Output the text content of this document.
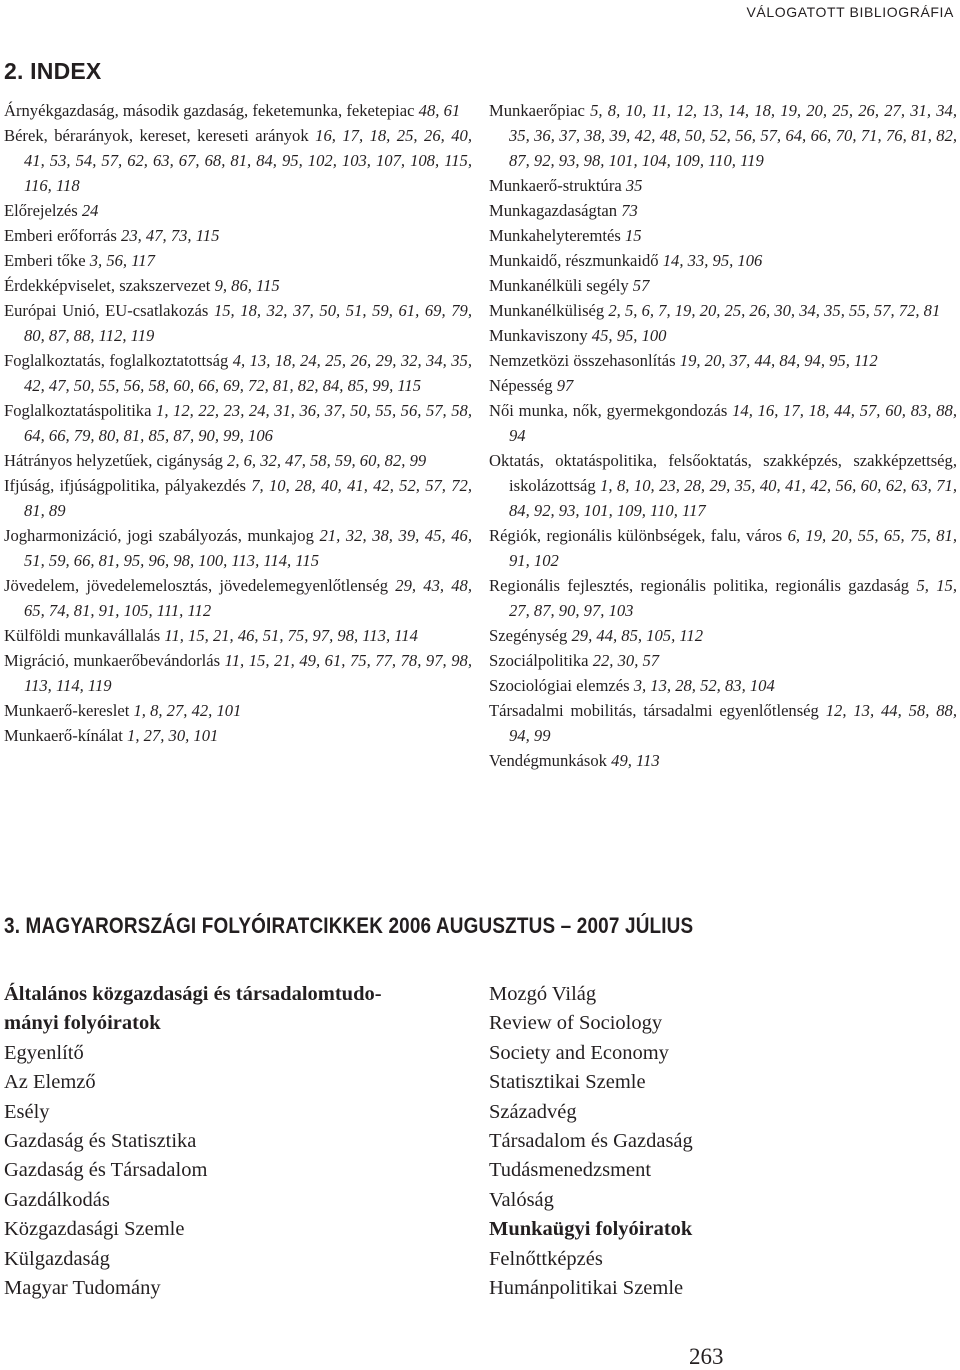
VÁLOGATOTT BIBLIOGRÁFIA
2. INDEX
Árnyékgazdaság, második gazdaság, feketemunka, feketepiac 48, 61
Bérek, bérarányok, kereset, kereseti arányok 16, 17, 18, 25, 26, 40, 41, 53, 54, 57, 62, 63, 67, 68, 81, 84, 95, 102, 103, 107, 108, 115, 116, 118
Előrejelzés 24
Emberi erőforrás 23, 47, 73, 115
Emberi tőke 3, 56, 117
Érdekképviselet, szakszervezet 9, 86, 115
Európai Unió, EU-csatlakozás 15, 18, 32, 37, 50, 51, 59, 61, 69, 79, 80, 87, 88, 112, 119
Foglalkoztatás, foglalkoztatottság 4, 13, 18, 24, 25, 26, 29, 32, 34, 35, 42, 47, 50, 55, 56, 58, 60, 66, 69, 72, 81, 82, 84, 85, 99, 115
Foglalkoztatáspolitika 1, 12, 22, 23, 24, 31, 36, 37, 50, 55, 56, 57, 58, 64, 66, 79, 80, 81, 85, 87, 90, 99, 106
Hátrányos helyzetűek, cigányság 2, 6, 32, 47, 58, 59, 60, 82, 99
Ifjúság, ifjúságpolitika, pályakezdés 7, 10, 28, 40, 41, 42, 52, 57, 72, 81, 89
Jogharmonizáció, jogi szabályozás, munkajog 21, 32, 38, 39, 45, 46, 51, 59, 66, 81, 95, 96, 98, 100, 113, 114, 115
Jövedelem, jövedelemelosztás, jövedelemegyenlőtlenség 29, 43, 48, 65, 74, 81, 91, 105, 111, 112
Külföldi munkavállalás 11, 15, 21, 46, 51, 75, 97, 98, 113, 114
Migráció, munkaerőbevándorlás 11, 15, 21, 49, 61, 75, 77, 78, 97, 98, 113, 114, 119
Munkaerő-kereslet 1, 8, 27, 42, 101
Munkaerő-kínálat 1, 27, 30, 101
Munkaerőpiac 5, 8, 10, 11, 12, 13, 14, 18, 19, 20, 25, 26, 27, 31, 34, 35, 36, 37, 38, 39, 42, 48, 50, 52, 56, 57, 64, 66, 70, 71, 76, 81, 82, 87, 92, 93, 98, 101, 104, 109, 110, 119
Munkaerő-struktúra 35
Munkagazdaságtan 73
Munkahelyteremtés 15
Munkaidő, részmunkaidő 14, 33, 95, 106
Munkanélküli segély 57
Munkanélküliség 2, 5, 6, 7, 19, 20, 25, 26, 30, 34, 35, 55, 57, 72, 81
Munkaviszony 45, 95, 100
Nemzetközi összehasonlítás 19, 20, 37, 44, 84, 94, 95, 112
Népesség 97
Női munka, nők, gyermekgondozás 14, 16, 17, 18, 44, 57, 60, 83, 88, 94
Oktatás, oktatáspolitika, felsőoktatás, szakképzés, szakképzettség, iskolázottság 1, 8, 10, 23, 28, 29, 35, 40, 41, 42, 56, 60, 62, 63, 71, 84, 92, 93, 101, 109, 110, 117
Régiók, regionális különbségek, falu, város 6, 19, 20, 55, 65, 75, 81, 91, 102
Regionális fejlesztés, regionális politika, regionális gazdaság 5, 15, 27, 87, 90, 97, 103
Szegénység 29, 44, 85, 105, 112
Szociálpolitika 22, 30, 57
Szociológiai elemzés 3, 13, 28, 52, 83, 104
Társadalmi mobilitás, társadalmi egyenlőtlenség 12, 13, 44, 58, 88, 94, 99
Vendégmunkások 49, 113
3. MAGYARORSZÁGI FOLYÓIRATCIKKEK 2006 AUGUSZTUS – 2007 JÚLIUS
Általános közgazdasági és társadalomtudo-
mányi folyóiratok
Egyenlítő
Az Elemző
Esély
Gazdaság és Statisztika
Gazdaság és Társadalom
Gazdálkodás
Közgazdasági Szemle
Külgazdaság
Magyar Tudomány
Mozgó Világ
Review of Sociology
Society and Economy
Statisztikai Szemle
Századvég
Társadalom és Gazdaság
Tudásmenedzsment
Valóság
Munkaügyi folyóiratok
Felnőttképzés
Humánpolitikai Szemle
263
